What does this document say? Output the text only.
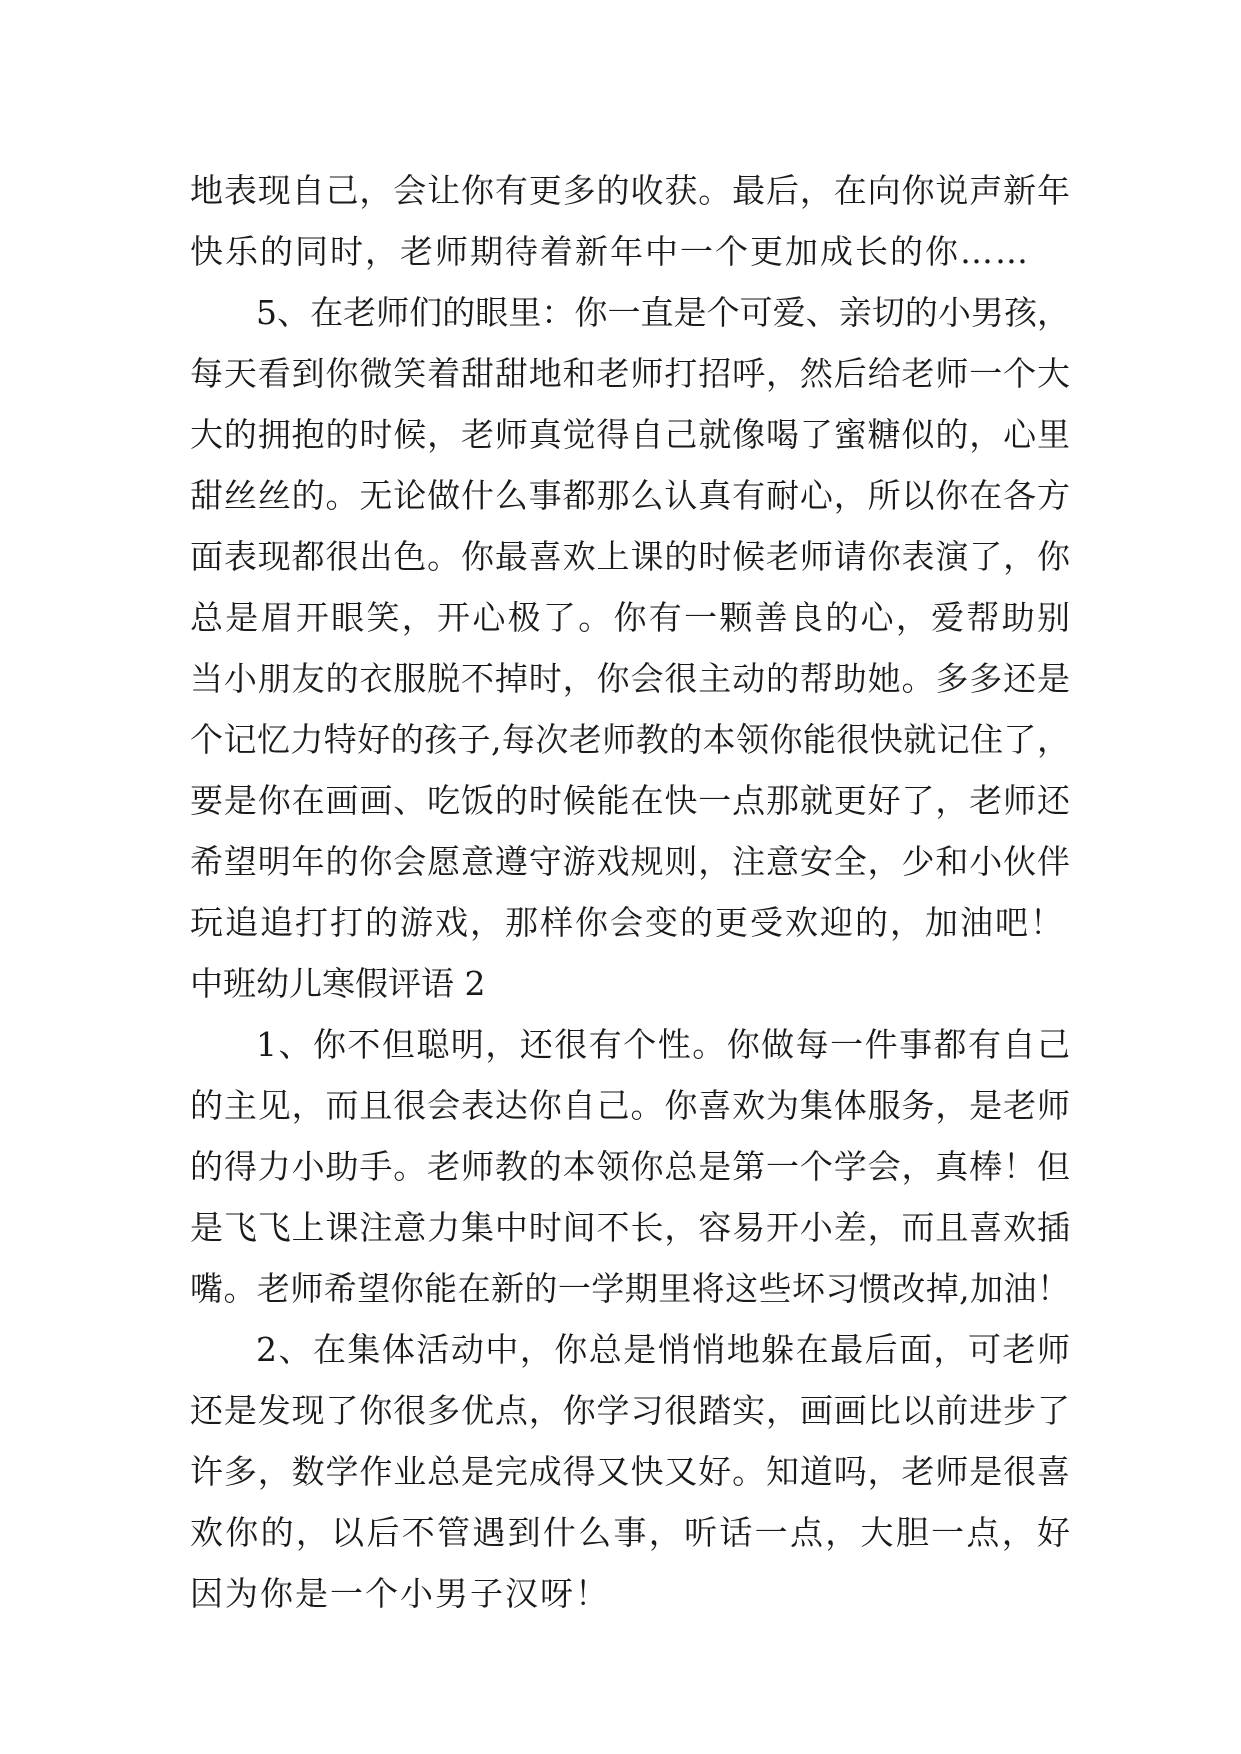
地表现自己，会让你有更多的收获。最后，在向你说声新年
快乐的同时，老师期待着新年中一个更加成长的你……
5、在老师们的眼里：你一直是个可爱、亲切的小男孩，
每天看到你微笑着甜甜地和老师打招呼，然后给老师一个大
大的拥抱的时候，老师真觉得自己就像喝了蜜糖似的，心里
甜丝丝的。无论做什么事都那么认真有耐心，所以你在各方
面表现都很出色。你最喜欢上课的时候老师请你表演了，你
总是眉开眼笑，开心极了。你有一颗善良的心，爱帮助别
当小朋友的衣服脱不掉时，你会很主动的帮助她。多多还是
个记忆力特好的孩子,每次老师教的本领你能很快就记住了，
要是你在画画、吃饭的时候能在快一点那就更好了，老师还
希望明年的你会愿意遵守游戏规则，注意安全，少和小伙伴
玩追追打打的游戏，那样你会变的更受欢迎的，加油吧！
中班幼儿寒假评语 2
1、你不但聪明，还很有个性。你做每一件事都有自己
的主见，而且很会表达你自己。你喜欢为集体服务，是老师
的得力小助手。老师教的本领你总是第一个学会，真棒！但
是飞飞上课注意力集中时间不长，容易开小差，而且喜欢插
嘴。老师希望你能在新的一学期里将这些坏习惯改掉,加油！
2、在集体活动中，你总是悄悄地躲在最后面，可老师
还是发现了你很多优点，你学习很踏实，画画比以前进步了
许多，数学作业总是完成得又快又好。知道吗，老师是很喜
欢你的，以后不管遇到什么事，听话一点，大胆一点，好
因为你是一个小男子汉呀！
